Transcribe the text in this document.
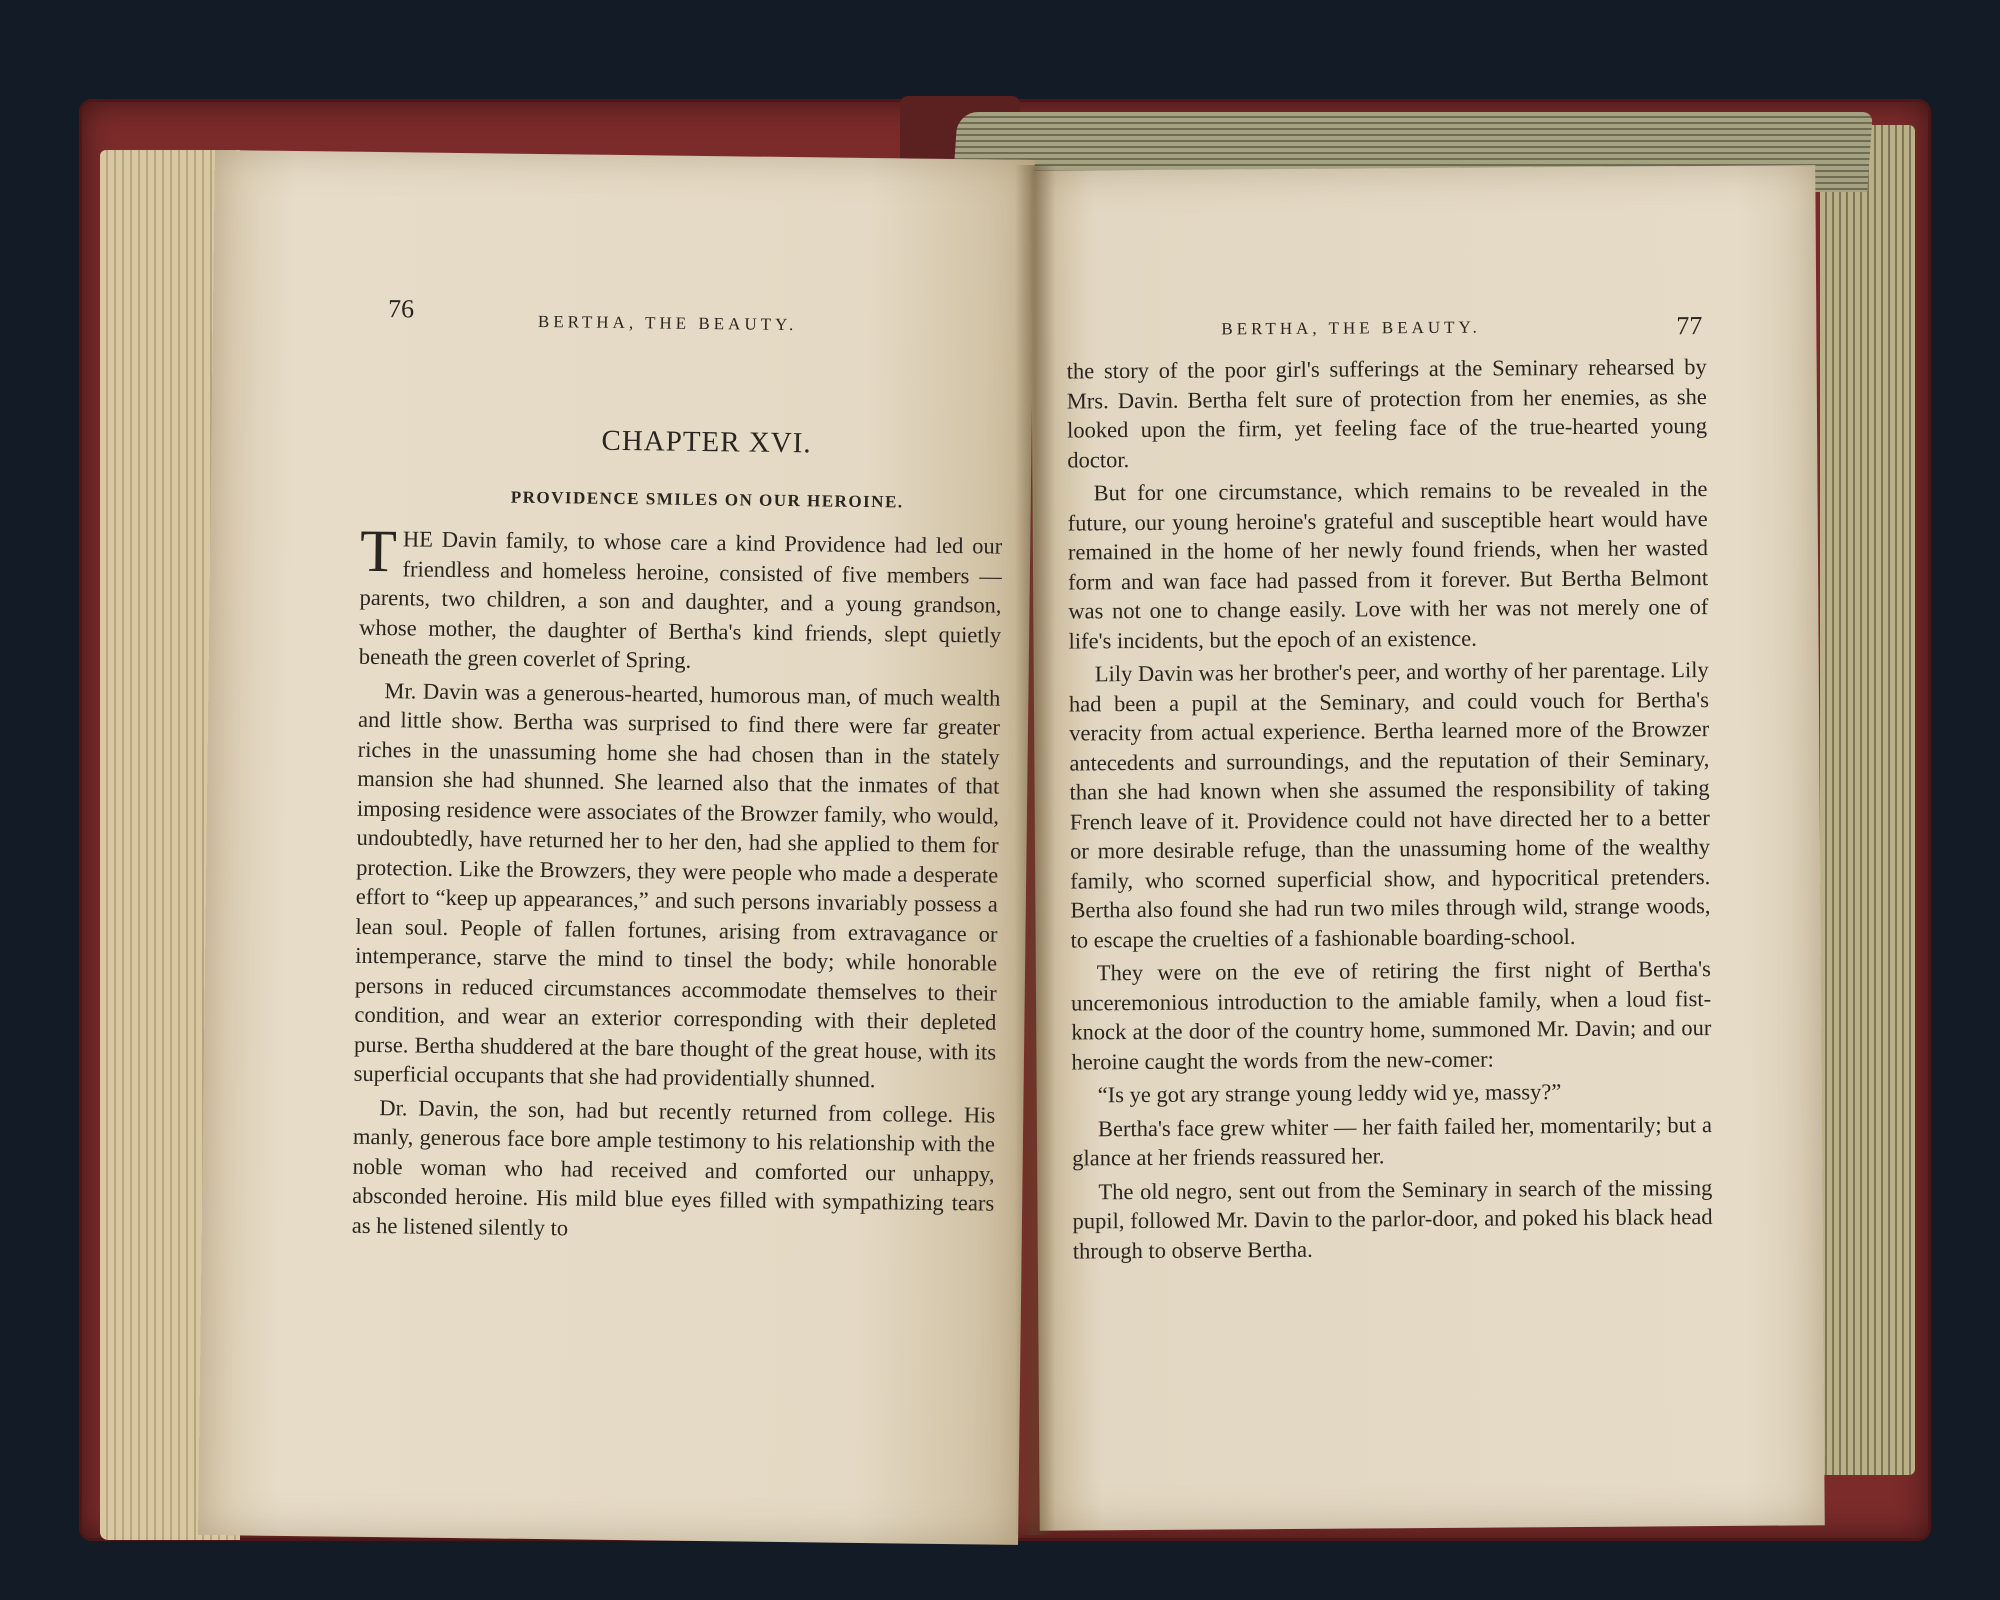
76	BERTHA, THE BEAUTY.
CHAPTER XVI.
PROVIDENCE SMILES ON OUR HEROINE.

THE Davin family, to whose care a kind Providence had led our friendless and homeless heroine, consisted of five members — parents, two children, a son and daughter, and a young grandson, whose mother, the daughter of Bertha's kind friends, slept quietly beneath the green coverlet of Spring.

Mr. Davin was a generous-hearted, humorous man, of much wealth and little show. Bertha was surprised to find there were far greater riches in the unassuming home she had chosen than in the stately mansion she had shunned. She learned also that the inmates of that imposing residence were associates of the Browzer family, who would, undoubtedly, have returned her to her den, had she applied to them for protection. Like the Browzers, they were people who made a desperate effort to “keep up appearances,” and such persons invariably possess a lean soul. People of fallen fortunes, arising from extravagance or intemperance, starve the mind to tinsel the body; while honorable persons in reduced circumstances accommodate themselves to their condition, and wear an exterior corresponding with their depleted purse. Bertha shuddered at the bare thought of the great house, with its superficial occupants that she had providentially shunned.

Dr. Davin, the son, had but recently returned from college. His manly, generous face bore ample testimony to his relationship with the noble woman who had received and comforted our unhappy, absconded heroine. His mild blue eyes filled with sympathizing tears as he listened silently to

BERTHA, THE BEAUTY.	77

the story of the poor girl's sufferings at the Seminary rehearsed by Mrs. Davin. Bertha felt sure of protection from her enemies, as she looked upon the firm, yet feeling face of the true-hearted young doctor.

But for one circumstance, which remains to be revealed in the future, our young heroine's grateful and susceptible heart would have remained in the home of her newly found friends, when her wasted form and wan face had passed from it forever. But Bertha Belmont was not one to change easily. Love with her was not merely one of life's incidents, but the epoch of an existence.

Lily Davin was her brother's peer, and worthy of her parentage. Lily had been a pupil at the Seminary, and could vouch for Bertha's veracity from actual experience. Bertha learned more of the Browzer antecedents and surroundings, and the reputation of their Seminary, than she had known when she assumed the responsibility of taking French leave of it. Providence could not have directed her to a better or more desirable refuge, than the unassuming home of the wealthy family, who scorned superficial show, and hypocritical pretenders. Bertha also found she had run two miles through wild, strange woods, to escape the cruelties of a fashionable boarding-school.

They were on the eve of retiring the first night of Bertha's unceremonious introduction to the amiable family, when a loud fist-knock at the door of the country home, summoned Mr. Davin; and our heroine caught the words from the new-comer:

“Is ye got ary strange young leddy wid ye, massy?”

Bertha's face grew whiter — her faith failed her, momentarily; but a glance at her friends reassured her.

The old negro, sent out from the Seminary in search of the missing pupil, followed Mr. Davin to the parlor-door, and poked his black head through to observe Bertha.
